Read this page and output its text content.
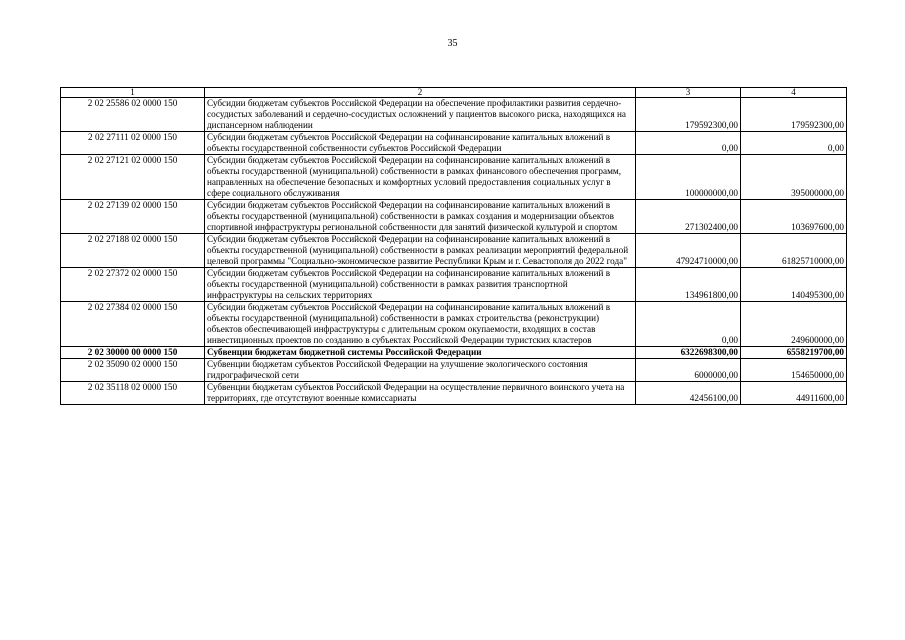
35
1	2	3	4
2 02 25586 02 0000 150	Субсидии бюджетам субъектов Российской Федерации на обеспечение профилактики развития сердечно-сосудистых заболеваний и сердечно-сосудистых осложнений у пациентов высокого риска, находящихся на диспансерном наблюдении	179592300,00	179592300,00
2 02 27111 02 0000 150	Субсидии бюджетам субъектов Российской Федерации на софинансирование капитальных вложений в объекты государственной собственности субъектов Российской Федерации	0,00	0,00
2 02 27121 02 0000 150	Субсидии бюджетам субъектов Российской Федерации на софинансирование капитальных вложений в объекты государственной (муниципальной) собственности в рамках финансового обеспечения программ, направленных на обеспечение безопасных и комфортных условий предоставления социальных услуг в сфере социального обслуживания	100000000,00	395000000,00
2 02 27139 02 0000 150	Субсидии бюджетам субъектов Российской Федерации на софинансирование капитальных вложений в объекты государственной (муниципальной) собственности в рамках создания и модернизации объектов спортивной инфраструктуры региональной собственности для занятий физической культурой и спортом	271302400,00	103697600,00
2 02 27188 02 0000 150	Субсидии бюджетам субъектов Российской Федерации на софинансирование капитальных вложений в объекты государственной (муниципальной) собственности в рамках реализации мероприятий федеральной целевой программы "Социально-экономическое развитие Республики Крым и г. Севастополя до 2022 года"	47924710000,00	61825710000,00
2 02 27372 02 0000 150	Субсидии бюджетам субъектов Российской Федерации на софинансирование капитальных вложений в объекты государственной (муниципальной) собственности в рамках развития транспортной инфраструктуры на сельских территориях	134961800,00	140495300,00
2 02 27384 02 0000 150	Субсидии бюджетам субъектов Российской Федерации на софинансирование капитальных вложений в объекты государственной (муниципальной) собственности в рамках строительства (реконструкции) объектов обеспечивающей инфраструктуры с длительным сроком окупаемости, входящих в состав инвестиционных проектов по созданию в субъектах Российской Федерации туристских кластеров	0,00	249600000,00
2 02 30000 00 0000 150	Субвенции бюджетам бюджетной системы Российской Федерации	6322698300,00	6558219700,00
2 02 35090 02 0000 150	Субвенции бюджетам субъектов Российской Федерации на улучшение экологического состояния гидрографической сети	6000000,00	154650000,00
2 02 35118 02 0000 150	Субвенции бюджетам субъектов Российской Федерации на осуществление первичного воинского учета на территориях, где отсутствуют военные комиссариаты	42456100,00	44911600,00
